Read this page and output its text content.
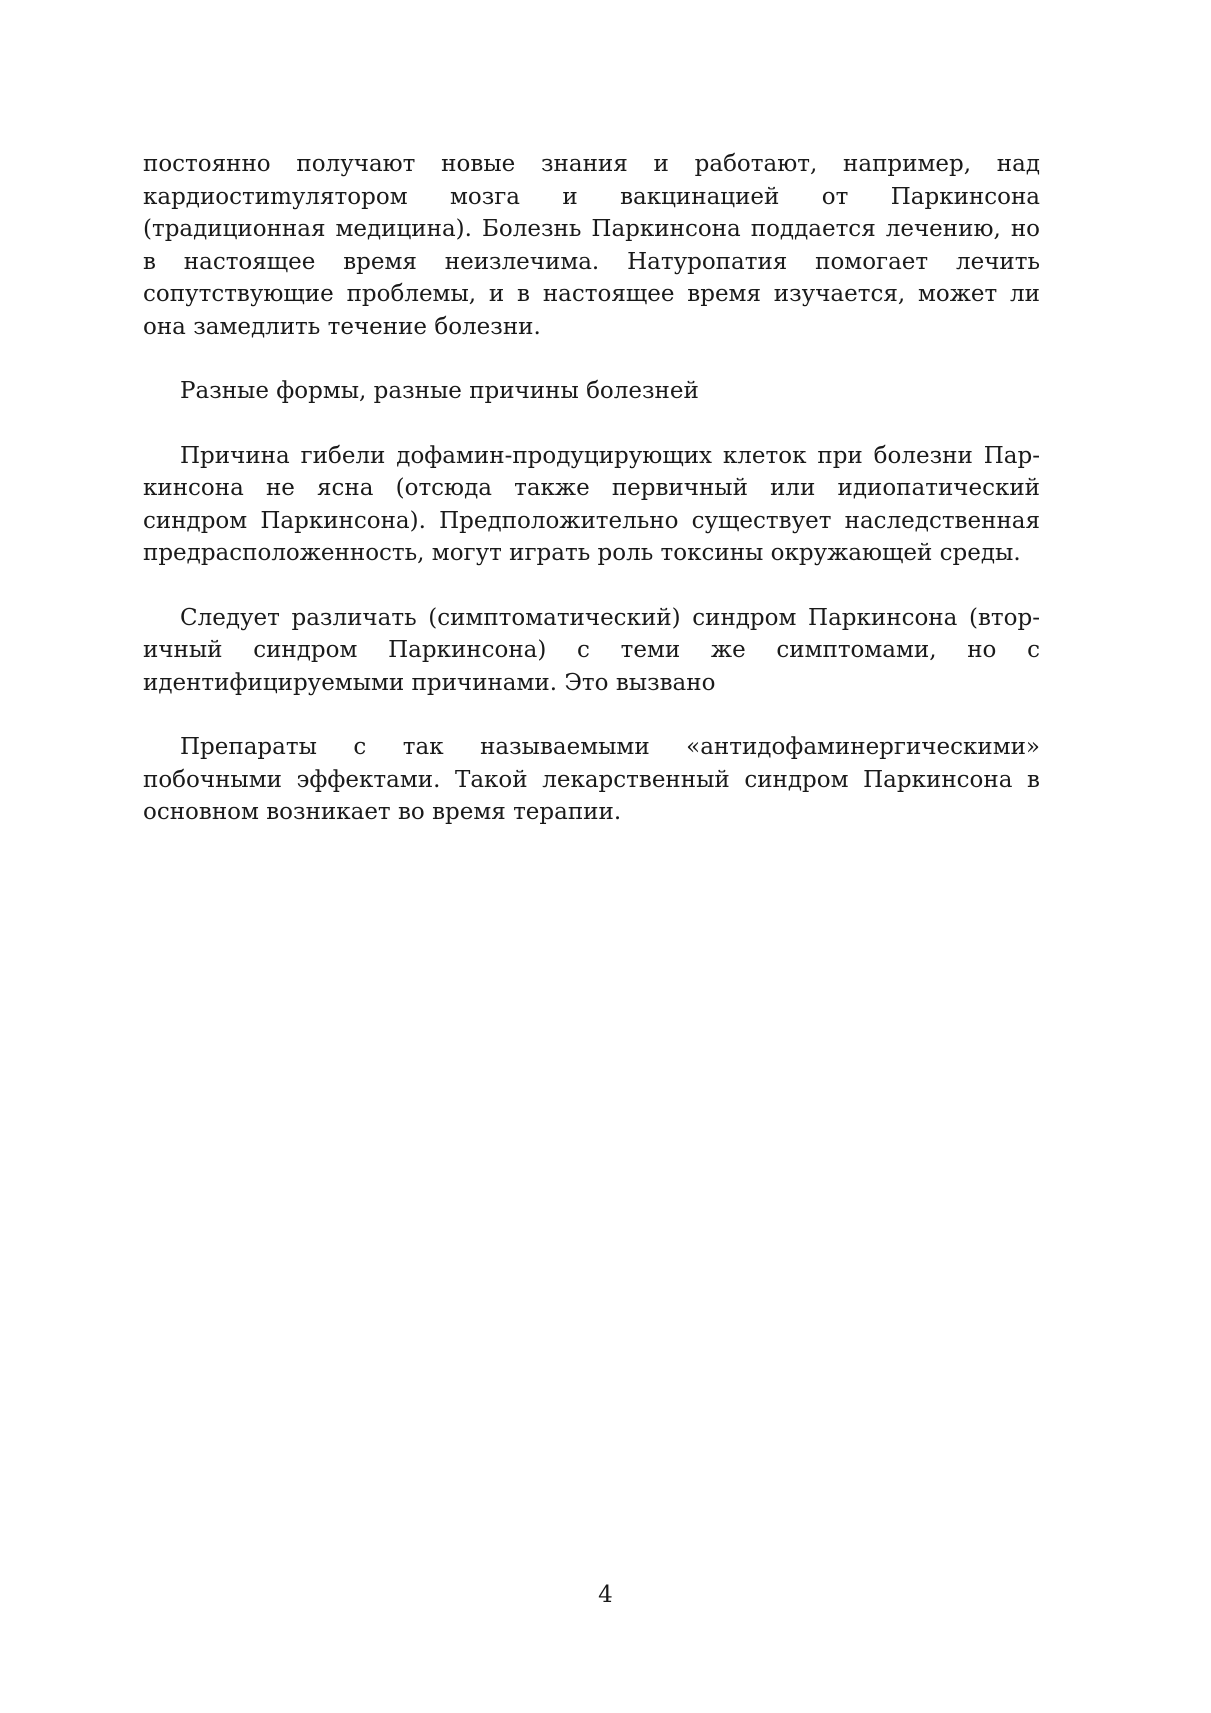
постоянно получают новые знания и работают, например, над кардиостиmулятором мозга и вакцинацией от Паркинсона (традиционная медицина). Болезнь Паркинсона поддается лечению, но в настоящее время неизлечима. Натуропатия помогает лечить сопутствующие проблемы, и в настоящее время изучается, может ли она замедлить течение болезни.

Разные формы, разные причины болезней

Причина гибели дофамин-продуцирующих клеток при болезни Паркинсона не ясна (отсюда также первичный или идиопатический синдром Паркинсона). Предположительно существует наследственная предрасположенность, могут играть роль токсины окружающей среды.

Следует различать (симптоматический) синдром Паркинсона (вторичный синдром Паркинсона) с теми же симптомами, но с идентифицируемыми причинами. Это вызвано

Препараты с так называемыми «антидофаминергическими» побочными эффектами. Такой лекарственный синдром Паркинсона в основном возникает во время терапии.

4
